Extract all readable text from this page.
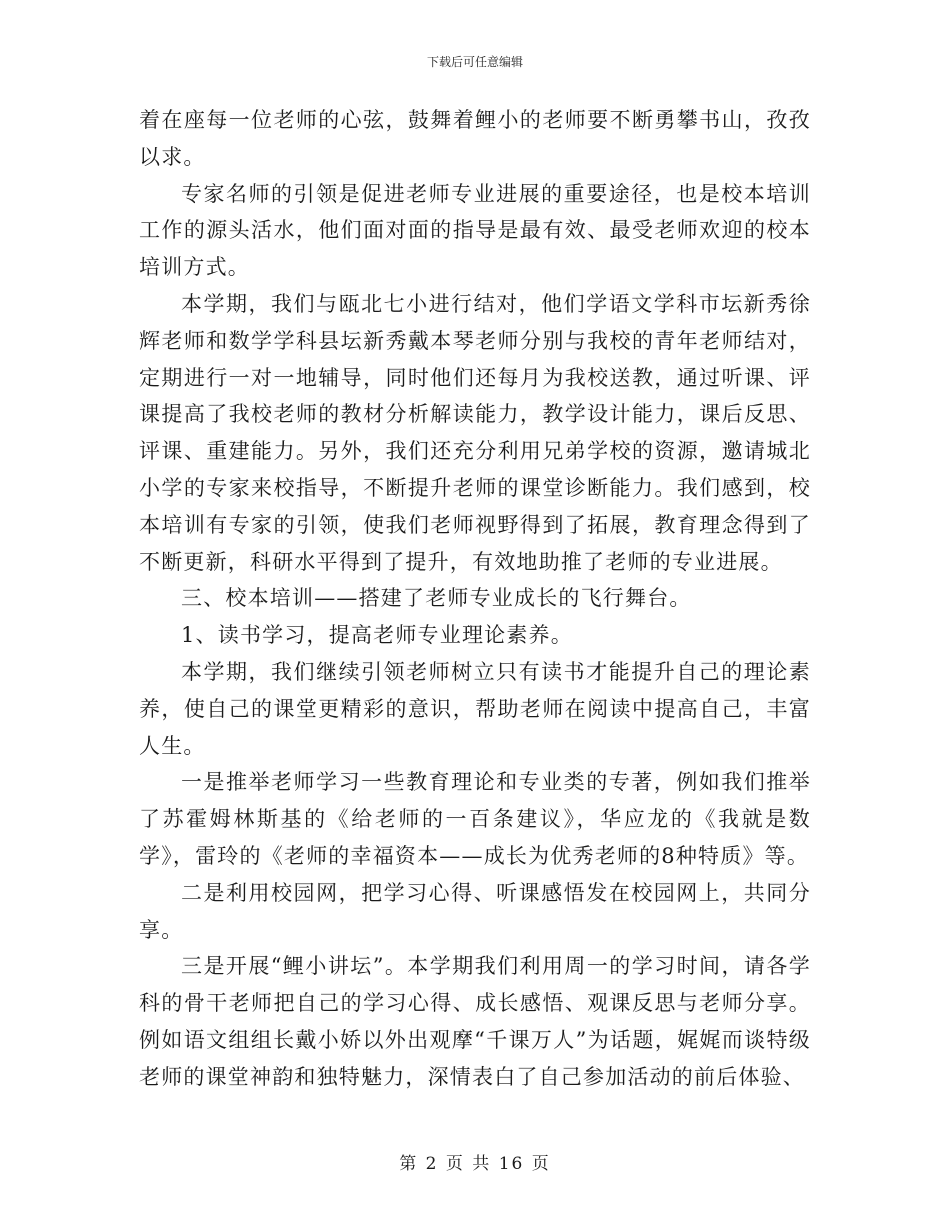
下载后可任意编辑

着在座每一位老师的心弦，鼓舞着鲤小的老师要不断勇攀书山，孜孜以求。

专家名师的引领是促进老师专业进展的重要途径，也是校本培训工作的源头活水，他们面对面的指导是最有效、最受老师欢迎的校本培训方式。

本学期，我们与瓯北七小进行结对，他们学语文学科市坛新秀徐辉老师和数学学科县坛新秀戴本琴老师分别与我校的青年老师结对，定期进行一对一地辅导，同时他们还每月为我校送教，通过听课、评课提高了我校老师的教材分析解读能力，教学设计能力，课后反思、评课、重建能力。另外，我们还充分利用兄弟学校的资源，邀请城北小学的专家来校指导，不断提升老师的课堂诊断能力。我们感到，校本培训有专家的引领，使我们老师视野得到了拓展，教育理念得到了不断更新，科研水平得到了提升，有效地助推了老师的专业进展。

三、校本培训——搭建了老师专业成长的飞行舞台。

1、读书学习，提高老师专业理论素养。

本学期，我们继续引领老师树立只有读书才能提升自己的理论素养，使自己的课堂更精彩的意识，帮助老师在阅读中提高自己，丰富人生。

一是推举老师学习一些教育理论和专业类的专著，例如我们推举了苏霍姆林斯基的《给老师的一百条建议》，华应龙的《我就是数学》，雷玲的《老师的幸福资本——成长为优秀老师的8种特质》等。

二是利用校园网，把学习心得、听课感悟发在校园网上，共同分享。

三是开展“鲤小讲坛”。本学期我们利用周一的学习时间，请各学科的骨干老师把自己的学习心得、成长感悟、观课反思与老师分享。例如语文组组长戴小娇以外出观摩“千课万人”为话题，娓娓而谈特级老师的课堂神韵和独特魅力，深情表白了自己参加活动的前后体验、

第 2 页 共 16 页
